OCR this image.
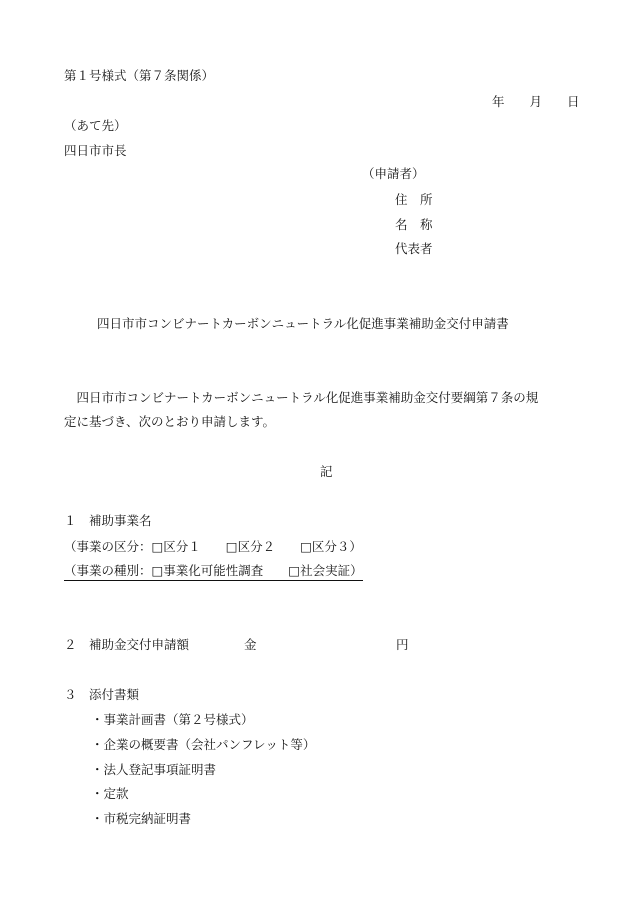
第１号様式（第７条関係）
年　　月　　日
（あて先）
四日市市長
（申請者）
住　所
名　称
代表者
四日市市コンビナートカーボンニュートラル化促進事業補助金交付申請書
　四日市市コンビナートカーボンニュートラル化促進事業補助金交付要綱第７条の規
定に基づき、次のとおり申請します。
記
１　補助事業名
（事業の区分：□区分１　　□区分２　　□区分３）
（事業の種別：□事業化可能性調査　　□社会実証）
２　補助金交付申請額	金	円
３　添付書類
・事業計画書（第２号様式）
・企業の概要書（会社パンフレット等）
・法人登記事項証明書
・定款
・市税完納証明書
